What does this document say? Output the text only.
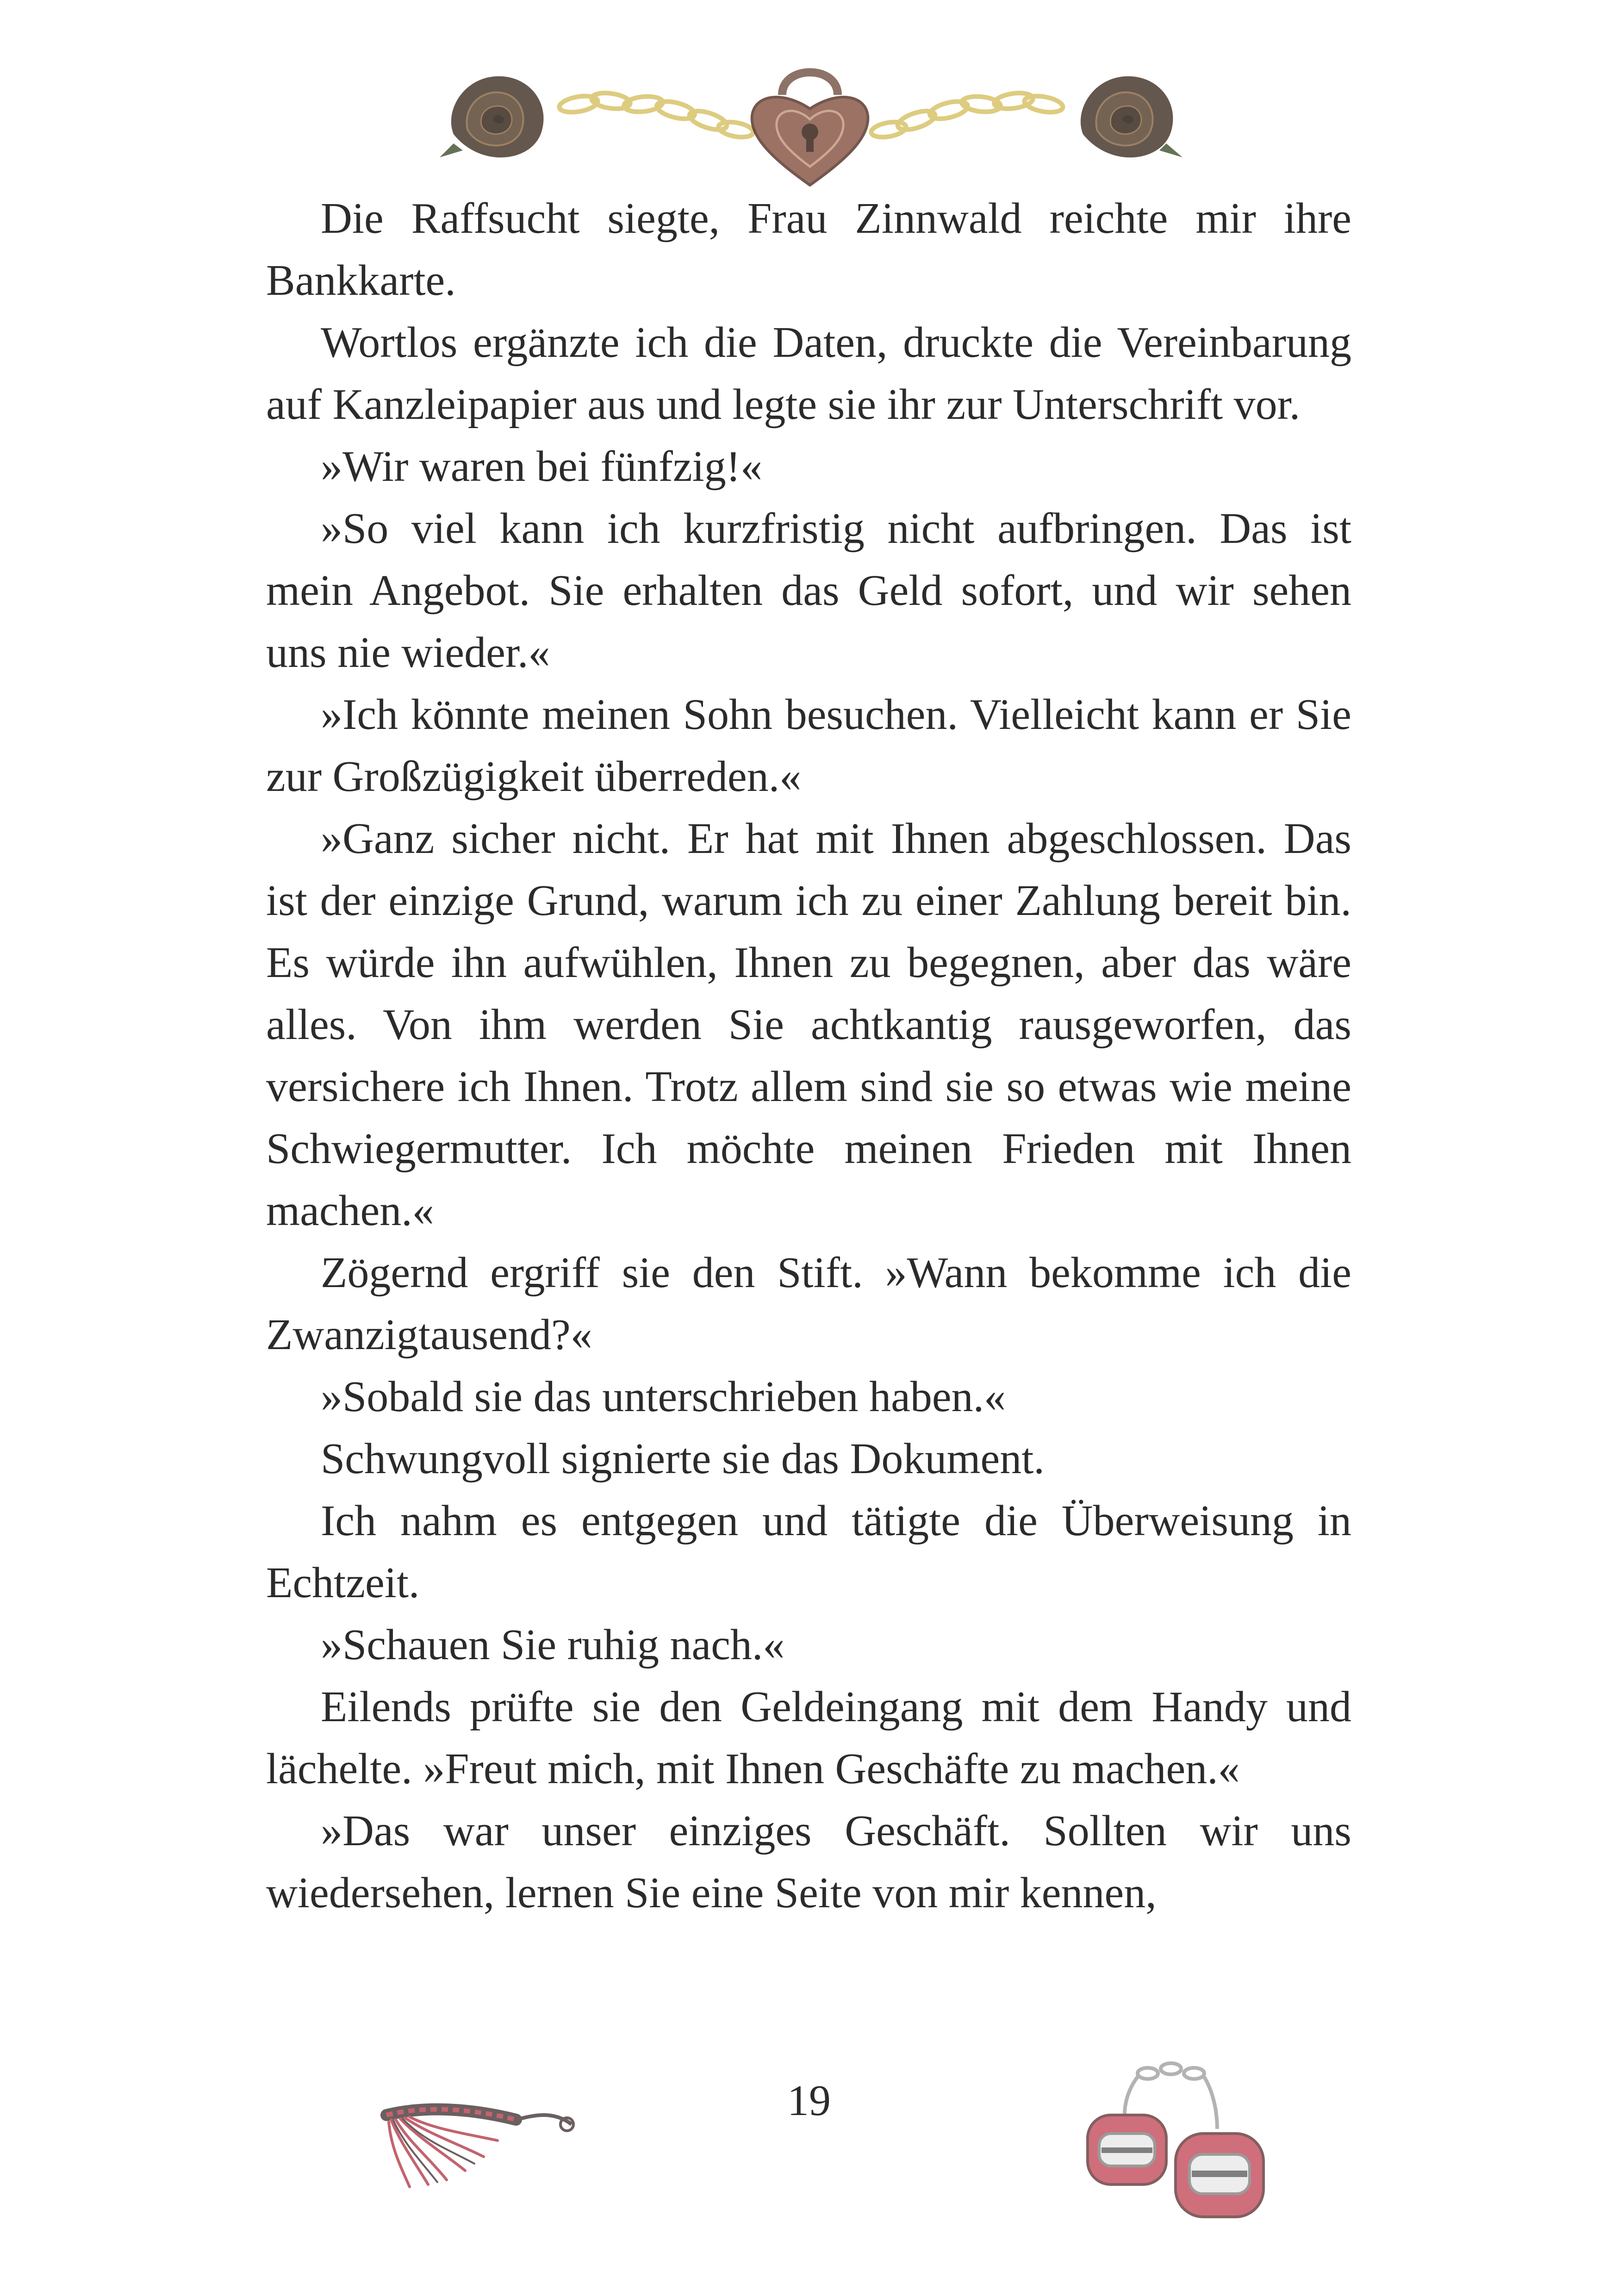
Die Raffsucht siegte, Frau Zinnwald reichte mir ihre Bankkarte.

Wortlos ergänzte ich die Daten, druckte die Vereinbarung auf Kanzleipapier aus und legte sie ihr zur Unterschrift vor.

»Wir waren bei fünfzig!«

»So viel kann ich kurzfristig nicht aufbringen. Das ist mein Angebot. Sie erhalten das Geld sofort, und wir sehen uns nie wieder.«

»Ich könnte meinen Sohn besuchen. Vielleicht kann er Sie zur Großzügigkeit überreden.«

»Ganz sicher nicht. Er hat mit Ihnen abgeschlossen. Das ist der einzige Grund, warum ich zu einer Zahlung bereit bin. Es würde ihn aufwühlen, Ihnen zu begegnen, aber das wäre alles. Von ihm werden Sie achtkantig rausgeworfen, das versichere ich Ihnen. Trotz allem sind sie so etwas wie meine Schwiegermutter. Ich möchte meinen Frieden mit Ihnen machen.«

Zögernd ergriff sie den Stift. »Wann bekomme ich die Zwanzigtausend?«

»Sobald sie das unterschrieben haben.«

Schwungvoll signierte sie das Dokument.

Ich nahm es entgegen und tätigte die Überweisung in Echtzeit.

»Schauen Sie ruhig nach.«

Eilends prüfte sie den Geldeingang mit dem Handy und lächelte. »Freut mich, mit Ihnen Geschäfte zu machen.«

»Das war unser einziges Geschäft. Sollten wir uns wiedersehen, lernen Sie eine Seite von mir kennen,

19
